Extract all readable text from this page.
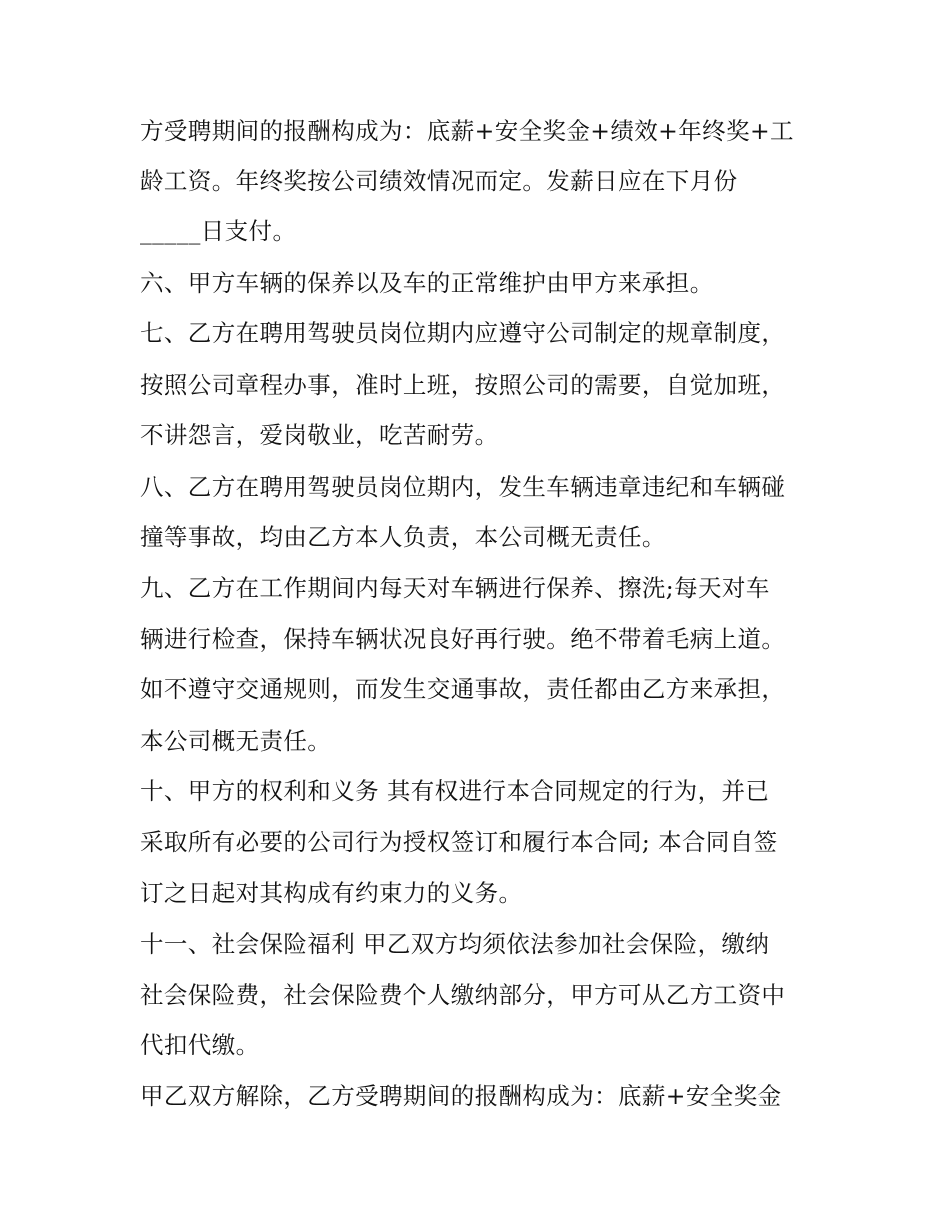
方受聘期间的报酬构成为：底薪+安全奖金+绩效+年终奖+工
龄工资。年终奖按公司绩效情况而定。发薪日应在下月份
_____日支付。
六、甲方车辆的保养以及车的正常维护由甲方来承担。
七、乙方在聘用驾驶员岗位期内应遵守公司制定的规章制度，
按照公司章程办事，准时上班，按照公司的需要，自觉加班，
不讲怨言，爱岗敬业，吃苦耐劳。
八、乙方在聘用驾驶员岗位期内，发生车辆违章违纪和车辆碰
撞等事故，均由乙方本人负责，本公司概无责任。
九、乙方在工作期间内每天对车辆进行保养、擦洗;每天对车
辆进行检查，保持车辆状况良好再行驶。绝不带着毛病上道。
如不遵守交通规则，而发生交通事故，责任都由乙方来承担，
本公司概无责任。
十、甲方的权利和义务 其有权进行本合同规定的行为，并已
采取所有必要的公司行为授权签订和履行本合同; 本合同自签
订之日起对其构成有约束力的义务。
十一、社会保险福利 甲乙双方均须依法参加社会保险，缴纳
社会保险费，社会保险费个人缴纳部分，甲方可从乙方工资中
代扣代缴。
甲乙双方解除，乙方受聘期间的报酬构成为：底薪+安全奖金
